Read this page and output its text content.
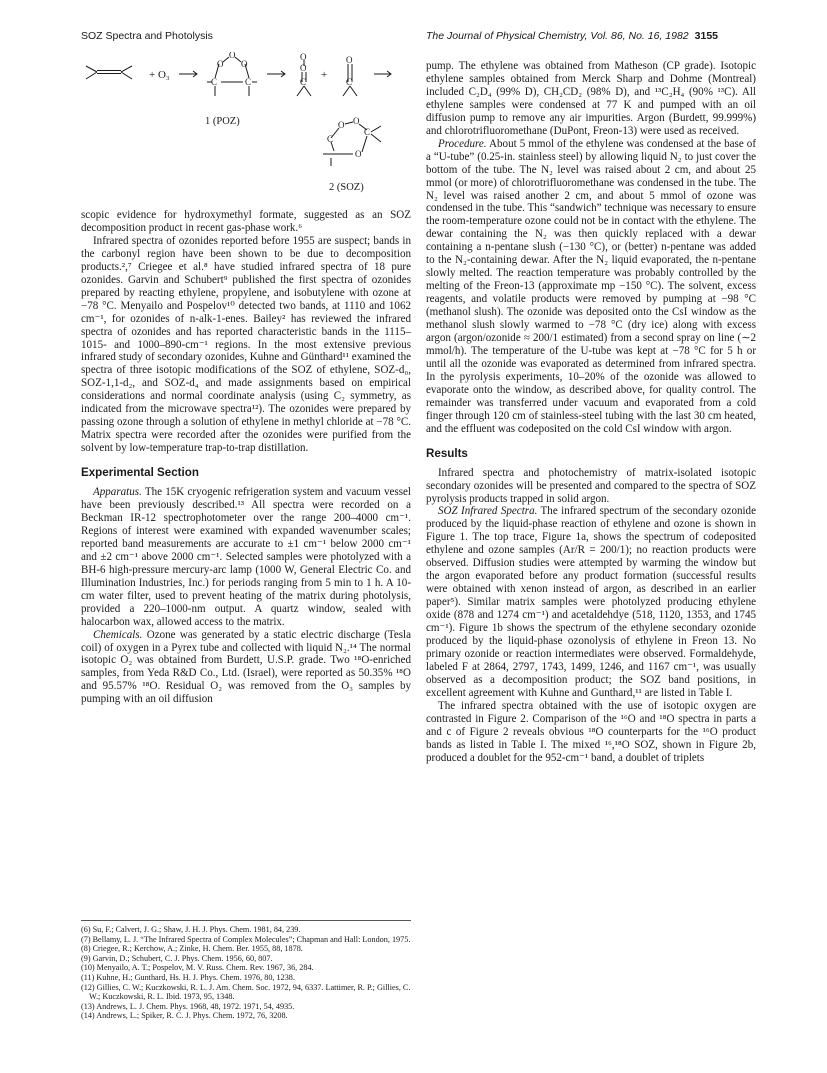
SOZ Spectra and Photolysis	The Journal of Physical Chemistry, Vol. 86, No. 16, 1982 3155
O
O
O
C	C
O
O
C
O
C
O O
C
C
O
+ O₃	+
1 (POZ)
2 (SOZ)

scopic evidence for hydroxymethyl formate, suggested as an SOZ decomposition product in recent gas-phase work.⁶

Infrared spectra of ozonides reported before 1955 are suspect; bands in the carbonyl region have been shown to be due to decomposition products.²,⁷ Criegee et al.⁸ have studied infrared spectra of 18 pure ozonides. Garvin and Schubert⁹ published the first spectra of ozonides prepared by reacting ethylene, propylene, and isobutylene with ozone at −78 °C. Menyailo and Pospelov¹⁰ detected two bands, at 1110 and 1062 cm⁻¹, for ozonides of n-alk-1-enes. Bailey² has reviewed the infrared spectra of ozonides and has reported characteristic bands in the 1115–1015- and 1000–890-cm⁻¹ regions. In the most extensive previous infrared study of secondary ozonides, Kuhne and Günthard¹¹ examined the spectra of three isotopic modifications of the SOZ of ethylene, SOZ-d₀, SOZ-1,1-d₂, and SOZ-d₄ and made assignments based on empirical considerations and normal coordinate analysis (using C₂ symmetry, as indicated from the microwave spectra¹²). The ozonides were prepared by passing ozone through a solution of ethylene in methyl chloride at −78 °C. Matrix spectra were recorded after the ozonides were purified from the solvent by low-temperature trap-to-trap distillation.

Experimental Section

Apparatus. The 15K cryogenic refrigeration system and vacuum vessel have been previously described.¹³ All spectra were recorded on a Beckman IR-12 spectrophotometer over the range 200–4000 cm⁻¹. Regions of interest were examined with expanded wavenumber scales; reported band measurements are accurate to ±1 cm⁻¹ below 2000 cm⁻¹ and ±2 cm⁻¹ above 2000 cm⁻¹. Selected samples were photolyzed with a BH-6 high-pressure mercury-arc lamp (1000 W, General Electric Co. and Illumination Industries, Inc.) for periods ranging from 5 min to 1 h. A 10-cm water filter, used to prevent heating of the matrix during photolysis, provided a 220–1000-nm output. A quartz window, sealed with halocarbon wax, allowed access to the matrix.

Chemicals. Ozone was generated by a static electric discharge (Tesla coil) of oxygen in a Pyrex tube and collected with liquid N₂.¹⁴ The normal isotopic O₂ was obtained from Burdett, U.S.P. grade. Two ¹⁸O-enriched samples, from Yeda R&D Co., Ltd. (Israel), were reported as 50.35% ¹⁸O and 95.57% ¹⁸O. Residual O₂ was removed from the O₃ samples by pumping with an oil diffusion

(6) Su, F.; Calvert, J. G.; Shaw, J. H. J. Phys. Chem. 1981, 84, 239.
(7) Bellamy, L. J. “The Infrared Spectra of Complex Molecules”; Chapman and Hall: London, 1975.
(8) Criegee, R.; Kerchow, A.; Zinke, H. Chem. Ber. 1955, 88, 1878.
(9) Garvin, D.; Schubert, C. J. Phys. Chem. 1956, 60, 807.
(10) Menyailo, A. T.; Pospelov, M. V. Russ. Chem. Rev. 1967, 36, 284.
(11) Kuhne, H.; Gunthard, Hs. H. J. Phys. Chem. 1976, 80, 1238.
(12) Gillies, C. W.; Kuczkowski, R. L. J. Am. Chem. Soc. 1972, 94, 6337. Lattimer, R. P.; Gillies, C. W.; Kuczkowski, R. L. Ibid. 1973, 95, 1348.
(13) Andrews, L. J. Chem. Phys. 1968, 48, 1972. 1971, 54, 4935.
(14) Andrews, L.; Spiker, R. C. J. Phys. Chem. 1972, 76, 3208.

pump. The ethylene was obtained from Matheson (CP grade). Isotopic ethylene samples obtained from Merck Sharp and Dohme (Montreal) included C₂D₄ (99% D), CH₂CD₂ (98% D), and ¹³C₂H₄ (90% ¹³C). All ethylene samples were condensed at 77 K and pumped with an oil diffusion pump to remove any air impurities. Argon (Burdett, 99.999%) and chlorotrifluoromethane (DuPont, Freon-13) were used as received.

Procedure. About 5 mmol of the ethylene was condensed at the base of a “U-tube” (0.25-in. stainless steel) by allowing liquid N₂ to just cover the bottom of the tube. The N₂ level was raised about 2 cm, and about 25 mmol (or more) of chlorotrifluoromethane was condensed in the tube. The N₂ level was raised another 2 cm, and about 5 mmol of ozone was condensed in the tube. This “sandwich” technique was necessary to ensure the room-temperature ozone could not be in contact with the ethylene. The dewar containing the N₂ was then quickly replaced with a dewar containing a n-pentane slush (−130 °C), or (better) n-pentane was added to the N₂-containing dewar. After the N₂ liquid evaporated, the n-pentane slowly melted. The reaction temperature was probably controlled by the melting of the Freon-13 (approximate mp −150 °C). The solvent, excess reagents, and volatile products were removed by pumping at −98 °C (methanol slush). The ozonide was deposited onto the CsI window as the methanol slush slowly warmed to −78 °C (dry ice) along with excess argon (argon/ozonide ≈ 200/1 estimated) from a second spray on line (∼2 mmol/h). The temperature of the U-tube was kept at −78 °C for 5 h or until all the ozonide was evaporated as determined from infrared spectra. In the pyrolysis experiments, 10–20% of the ozonide was allowed to evaporate onto the window, as described above, for quality control. The remainder was transferred under vacuum and evaporated from a cold finger through 120 cm of stainless-steel tubing with the last 30 cm heated, and the effluent was codeposited on the cold CsI window with argon.

Results

Infrared spectra and photochemistry of matrix-isolated isotopic secondary ozonides will be presented and compared to the spectra of SOZ pyrolysis products trapped in solid argon.

SOZ Infrared Spectra. The infrared spectrum of the secondary ozonide produced by the liquid-phase reaction of ethylene and ozone is shown in Figure 1. The top trace, Figure 1a, shows the spectrum of codeposited ethylene and ozone samples (Ar/R = 200/1); no reaction products were observed. Diffusion studies were attempted by warming the window but the argon evaporated before any product formation (successful results were obtained with xenon instead of argon, as described in an earlier paper⁵). Similar matrix samples were photolyzed producing ethylene oxide (878 and 1274 cm⁻¹) and acetaldehdye (518, 1120, 1353, and 1745 cm⁻¹). Figure 1b shows the spectrum of the ethylene secondary ozonide produced by the liquid-phase ozonolysis of ethylene in Freon 13. No primary ozonide or reaction intermediates were observed. Formaldehyde, labeled F at 2864, 2797, 1743, 1499, 1246, and 1167 cm⁻¹, was usually observed as a decomposition product; the SOZ band positions, in excellent agreement with Kuhne and Gunthard,¹¹ are listed in Table I.

The infrared spectra obtained with the use of isotopic oxygen are contrasted in Figure 2. Comparison of the ¹⁶O and ¹⁸O spectra in parts a and c of Figure 2 reveals obvious ¹⁸O counterparts for the ¹⁶O product bands as listed in Table I. The mixed ¹⁶,¹⁸O SOZ, shown in Figure 2b, produced a doublet for the 952-cm⁻¹ band, a doublet of triplets
